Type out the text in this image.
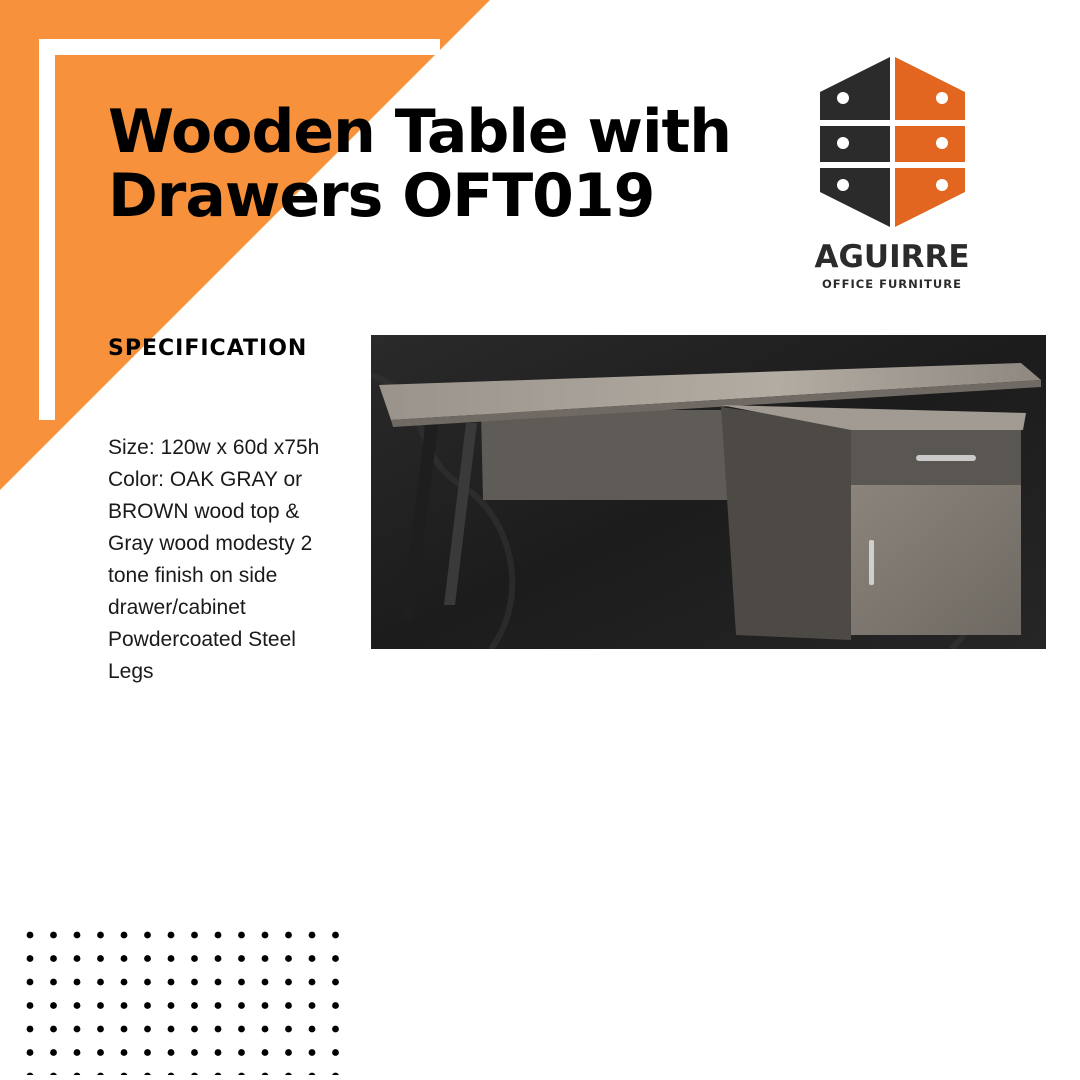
Wooden Table with
Drawers OFT019
AGUIRRE
OFFICE FURNITURE
SPECIFICATION
Size: 120w x 60d x75h
Color: OAK GRAY or
BROWN wood top &
Gray wood modesty 2
tone finish on side
drawer/cabinet
Powdercoated Steel
Legs
